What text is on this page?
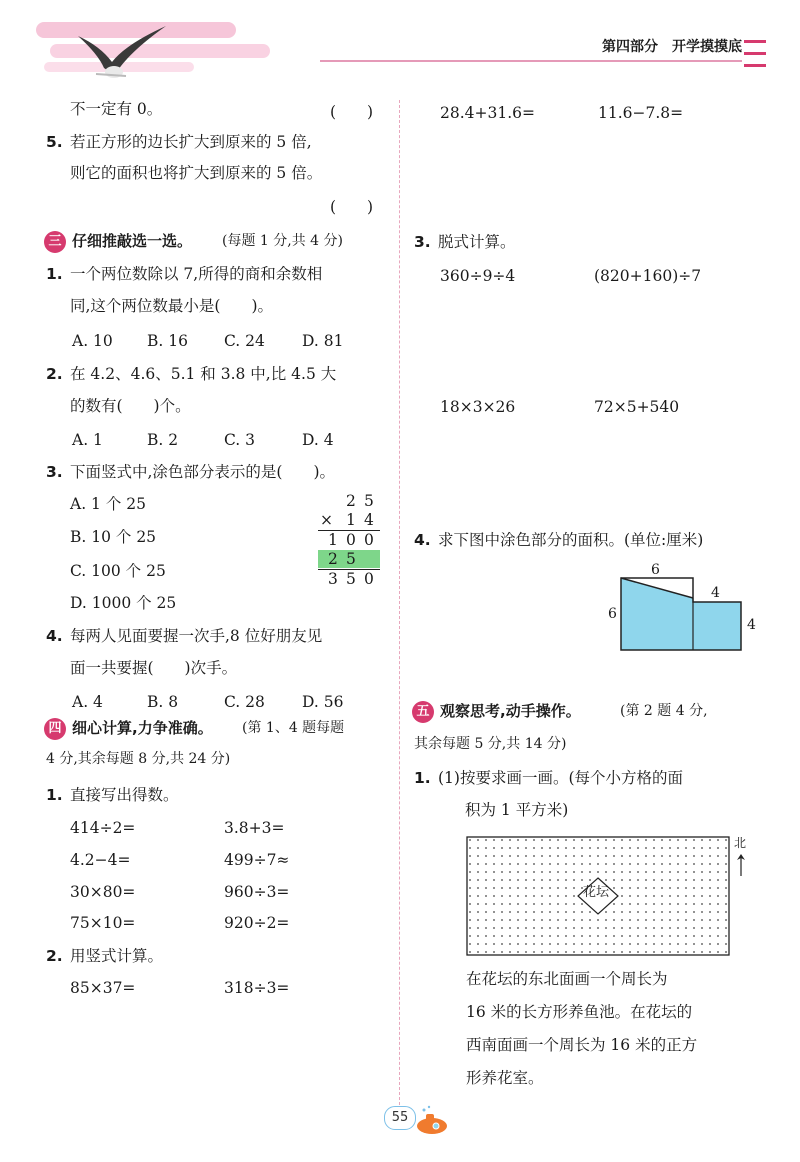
第四部分 开学摸摸底
不一定有 0。	(　　)
5. 若正方形的边长扩大到原来的 5 倍,
则它的面积也将扩大到原来的 5 倍。
(　　)
三 仔细推敲选一选。 (每题 1 分,共 4 分)
1. 一个两位数除以 7,所得的商和余数相
同,这个两位数最小是(　　)。
A. 10 B. 16 C. 24 D. 81
2. 在 4.2、4.6、5.1 和 3.8 中,比 4.5 大
的数有(　　)个。
A. 1	B. 2	C. 3	D. 4
3. 下面竖式中,涂色部分表示的是(　　)。
A. 1 个 25
B. 10 个 25
C. 100 个 25
D. 1000 个 25
2 5
× 1 4
1 0 0
2 5
3 5 0
4. 每两人见面要握一次手,8 位好朋友见
面一共要握(　　)次手。
A. 4	B. 8	C. 28 D. 56
四 细心计算,力争准确。 (第 1、4 题每题
4 分,其余每题 8 分,共 24 分)
1. 直接写出得数。
414÷2=	3.8+3=
4.2−4=	499÷7≈
30×80=	960÷3=
75×10=	920÷2=
2. 用竖式计算。
85×37=	318÷3=
28.4+31.6=	11.6−7.8=
3. 脱式计算。
360÷9÷4	(820+160)÷7
18×3×26	72×5+540
4. 求下图中涂色部分的面积。(单位:厘米)
6
6
4
4
五 观察思考,动手操作。	(第 2 题 4 分,
其余每题 5 分,共 14 分)
1. (1)按要求画一画。(每个小方格的面
积为 1 平方米)
花坛
北
在花坛的东北面画一个周长为
16 米的长方形养鱼池。在花坛的
西南面画一个周长为 16 米的正方
形养花室。
55
